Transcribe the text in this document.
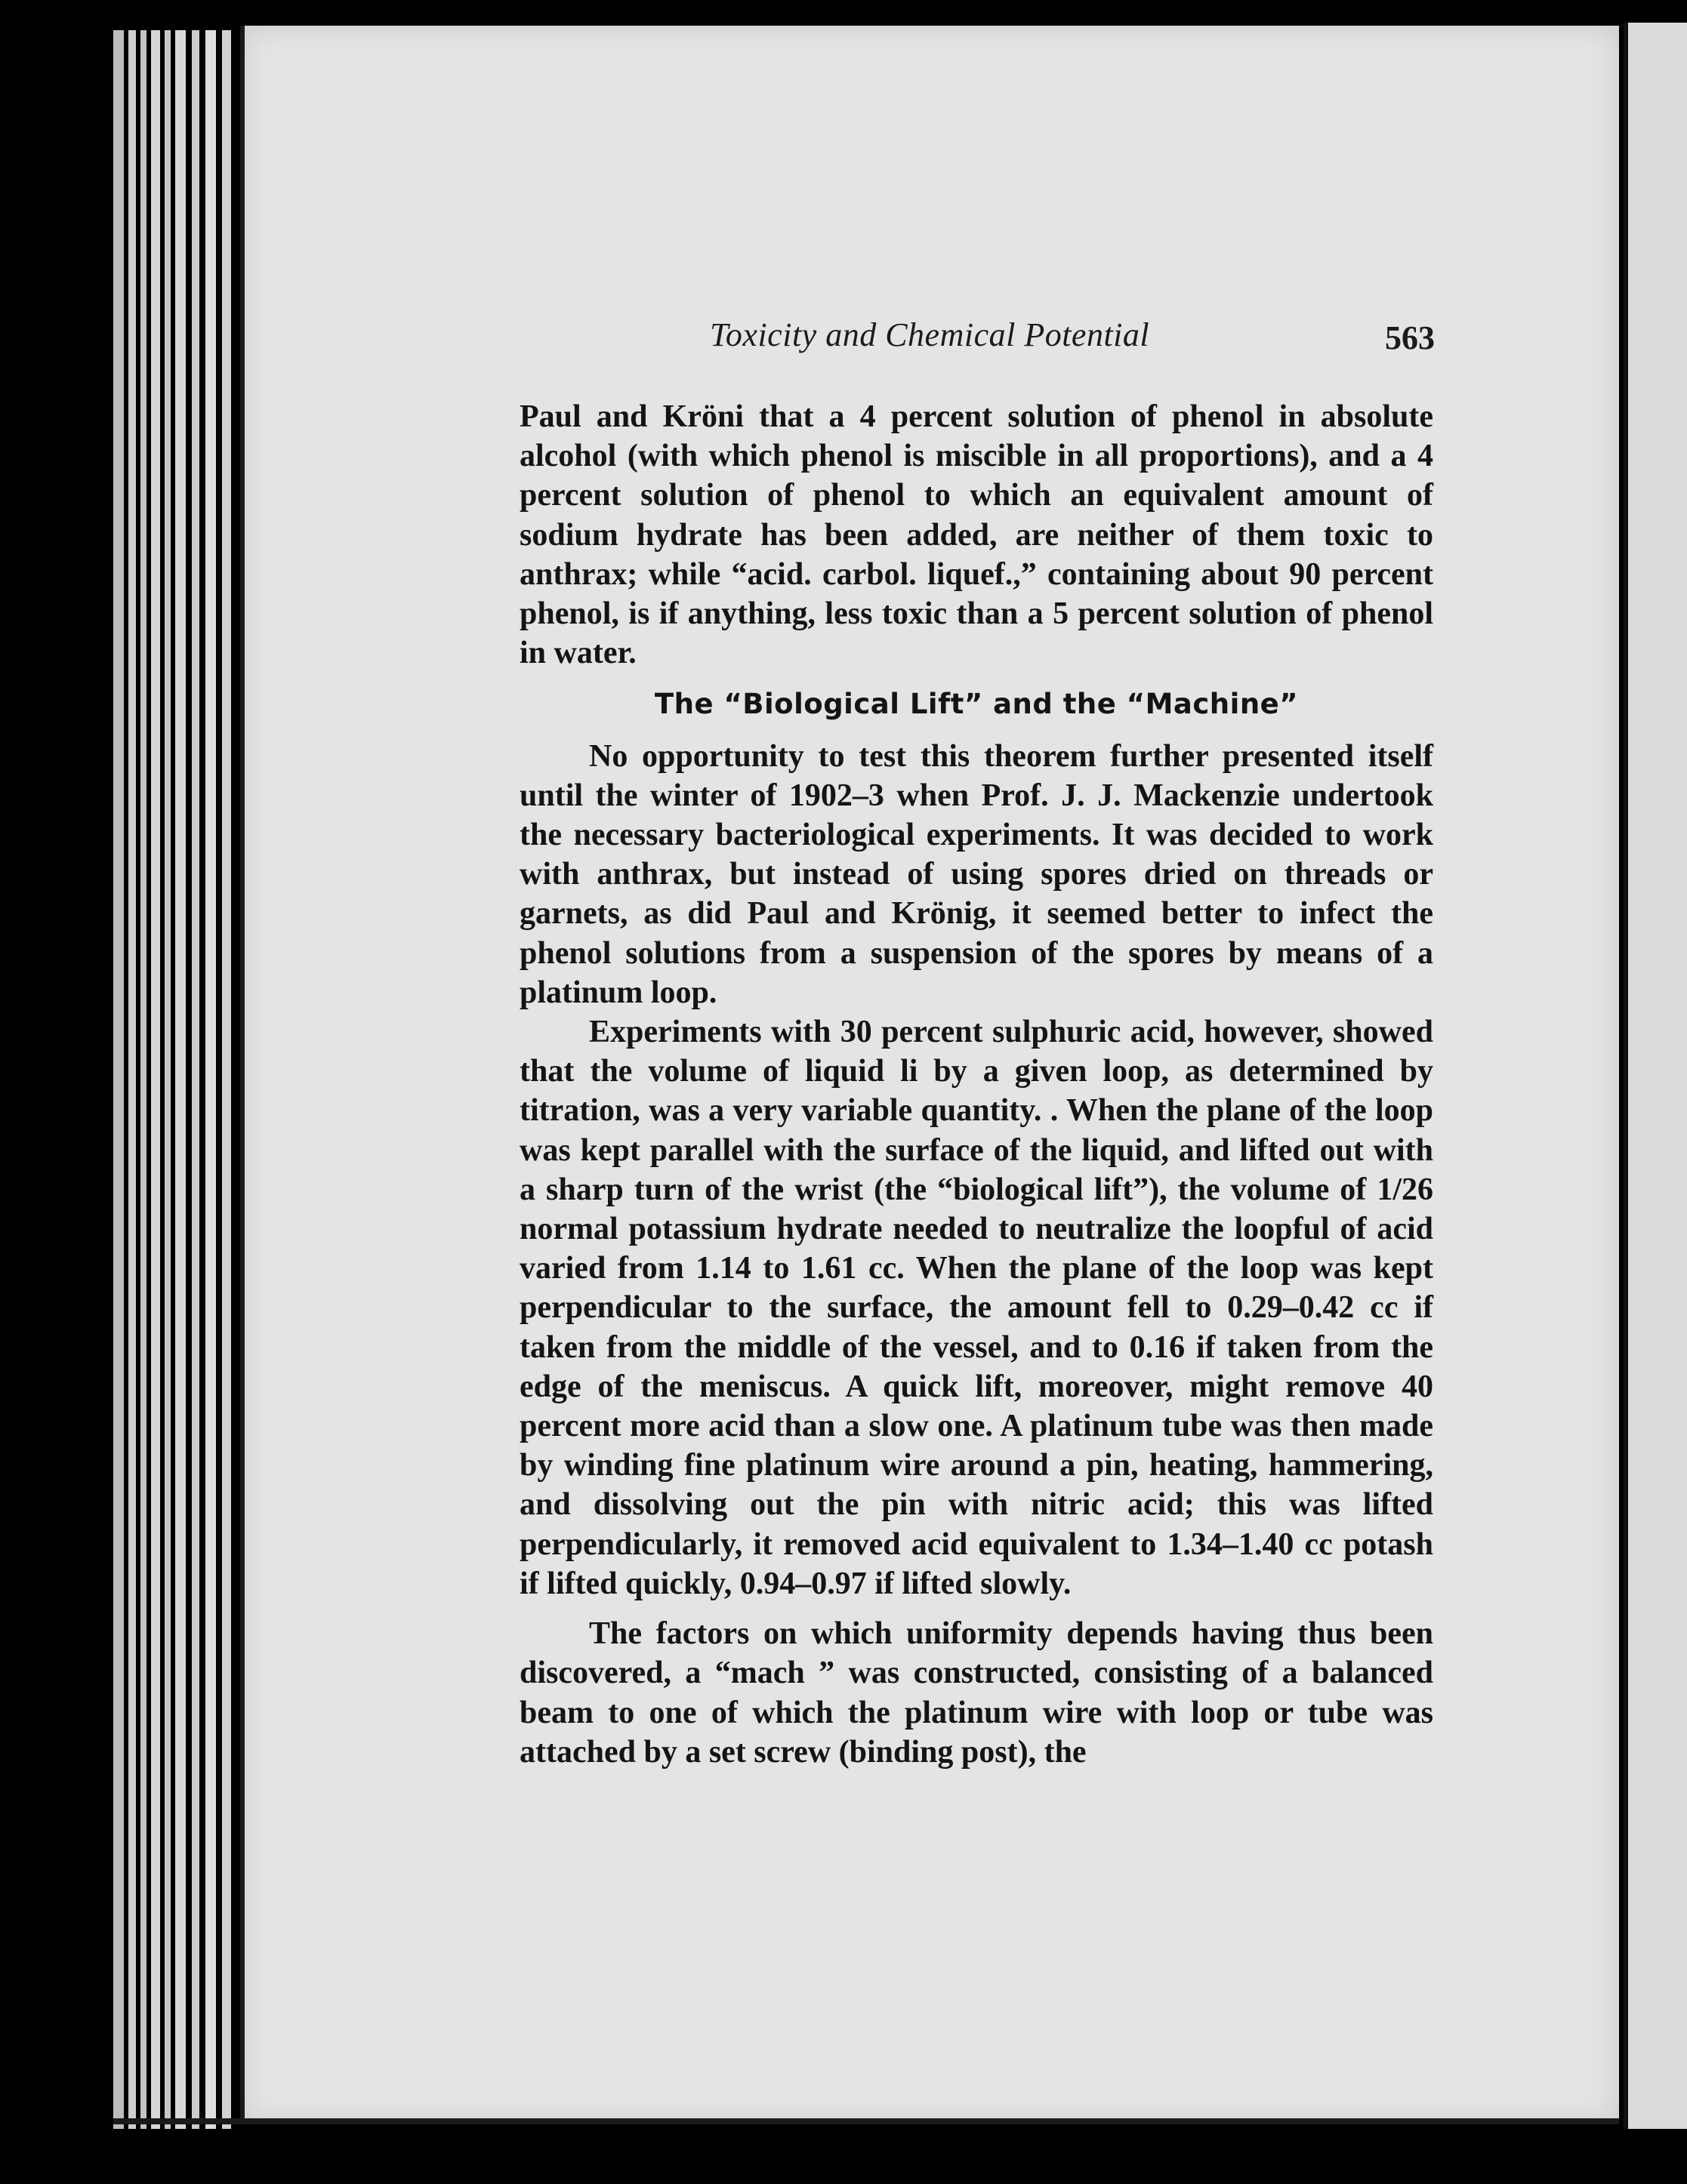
Toxicity and Chemical Potential	563

Paul and Kröni that a 4 percent solution of phenol in absolute alcohol (with which phenol is miscible in all proportions), and a 4 percent solution of phenol to which an equivalent amount of sodium hydrate has been added, are neither of them toxic to anthrax; while “acid. carbol. liquef.,” containing about 90 percent phenol, is if anything, less toxic than a 5 percent solution of phenol in water.

The “Biological Lift” and the “Machine”

No opportunity to test this theorem further presented itself until the winter of 1902–3 when Prof. J. J. Mackenzie undertook the necessary bacteriological experiments. It was decided to work with anthrax, but instead of using spores dried on threads or garnets, as did Paul and Krönig, it seemed better to infect the phenol solutions from a suspension of the spores by means of a platinum loop.

Experiments with 30 percent sulphuric acid, however, showed that the volume of liquid li by a given loop, as determined by titration, was a very variable quantity. . When the plane of the loop was kept parallel with the surface of the liquid, and lifted out with a sharp turn of the wrist (the “biological lift”), the volume of 1/26 normal potassium hydrate needed to neutralize the loopful of acid varied from 1.14 to 1.61 cc. When the plane of the loop was kept perpendicular to the surface, the amount fell to 0.29–0.42 cc if taken from the middle of the vessel, and to 0.16 if taken from the edge of the meniscus. A quick lift, moreover, might remove 40 percent more acid than a slow one. A platinum tube was then made by winding fine platinum wire around a pin, heating, hammering, and dissolving out the pin with nitric acid; this was lifted perpendicularly, it removed acid equivalent to 1.34–1.40 cc potash if lifted quickly, 0.94–0.97 if lifted slowly.

The factors on which uniformity depends having thus been discovered, a “mach ” was constructed, consisting of a balanced beam to one of which the platinum wire with loop or tube was attached by a set screw (binding post), the
